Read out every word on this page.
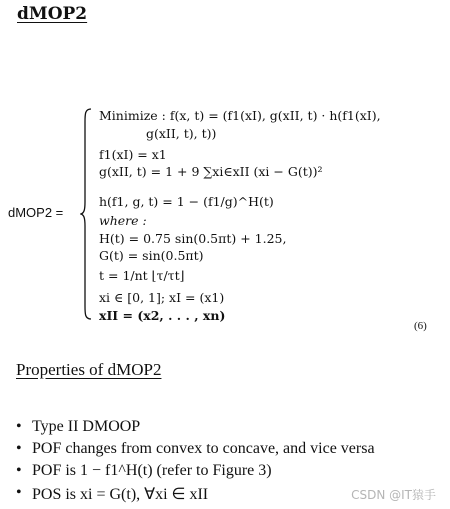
dMOP2
dMOP2 =
Minimize : f(x, t) = (f1(xI), g(xII, t) · h(f1(xI),
g(xII, t), t))
f1(xI) = x1
g(xII, t) = 1 + 9 ∑xi∈xII (xi − G(t))²
h(f1, g, t) = 1 − (f1/g)^H(t)
where :
H(t) = 0.75 sin(0.5πt) + 1.25,
G(t) = sin(0.5πt)
t = 1/nt ⌊τ/τt⌋
xi ∈ [0, 1]; xI = (x1)
xII = (x2, . . . , xn)
(6)
Properties of dMOP2
• Type II DMOOP
• POF changes from convex to concave, and vice versa
• POF is 1 − f1^H(t) (refer to Figure 3)
• POS is xi = G(t), ∀xi ∈ xII	CSDN @IT猿手
